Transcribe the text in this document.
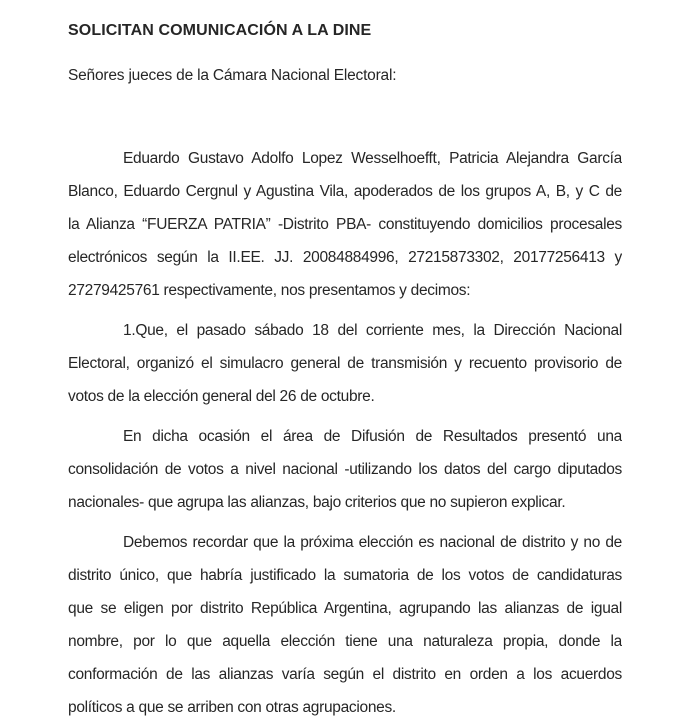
SOLICITAN COMUNICACIÓN A LA DINE

Señores jueces de la Cámara Nacional Electoral:

Eduardo Gustavo Adolfo Lopez Wesselhoefft, Patricia Alejandra García
Blanco, Eduardo Cergnul y Agustina Vila, apoderados de los grupos A, B, y C de
la Alianza “FUERZA PATRIA” -Distrito PBA- constituyendo domicilios procesales
electrónicos según la II.EE. JJ. 20084884996, 27215873302, 20177256413 y
27279425761 respectivamente, nos presentamos y decimos:
1.Que, el pasado sábado 18 del corriente mes, la Dirección Nacional
Electoral, organizó el simulacro general de transmisión y recuento provisorio de
votos de la elección general del 26 de octubre.
En dicha ocasión el área de Difusión de Resultados presentó una
consolidación de votos a nivel nacional -utilizando los datos del cargo diputados
nacionales- que agrupa las alianzas, bajo criterios que no supieron explicar.
Debemos recordar que la próxima elección es nacional de distrito y no de
distrito único, que habría justificado la sumatoria de los votos de candidaturas
que se eligen por distrito República Argentina, agrupando las alianzas de igual
nombre, por lo que aquella elección tiene una naturaleza propia, donde la
conformación de las alianzas varía según el distrito en orden a los acuerdos
políticos a que se arriben con otras agrupaciones.
